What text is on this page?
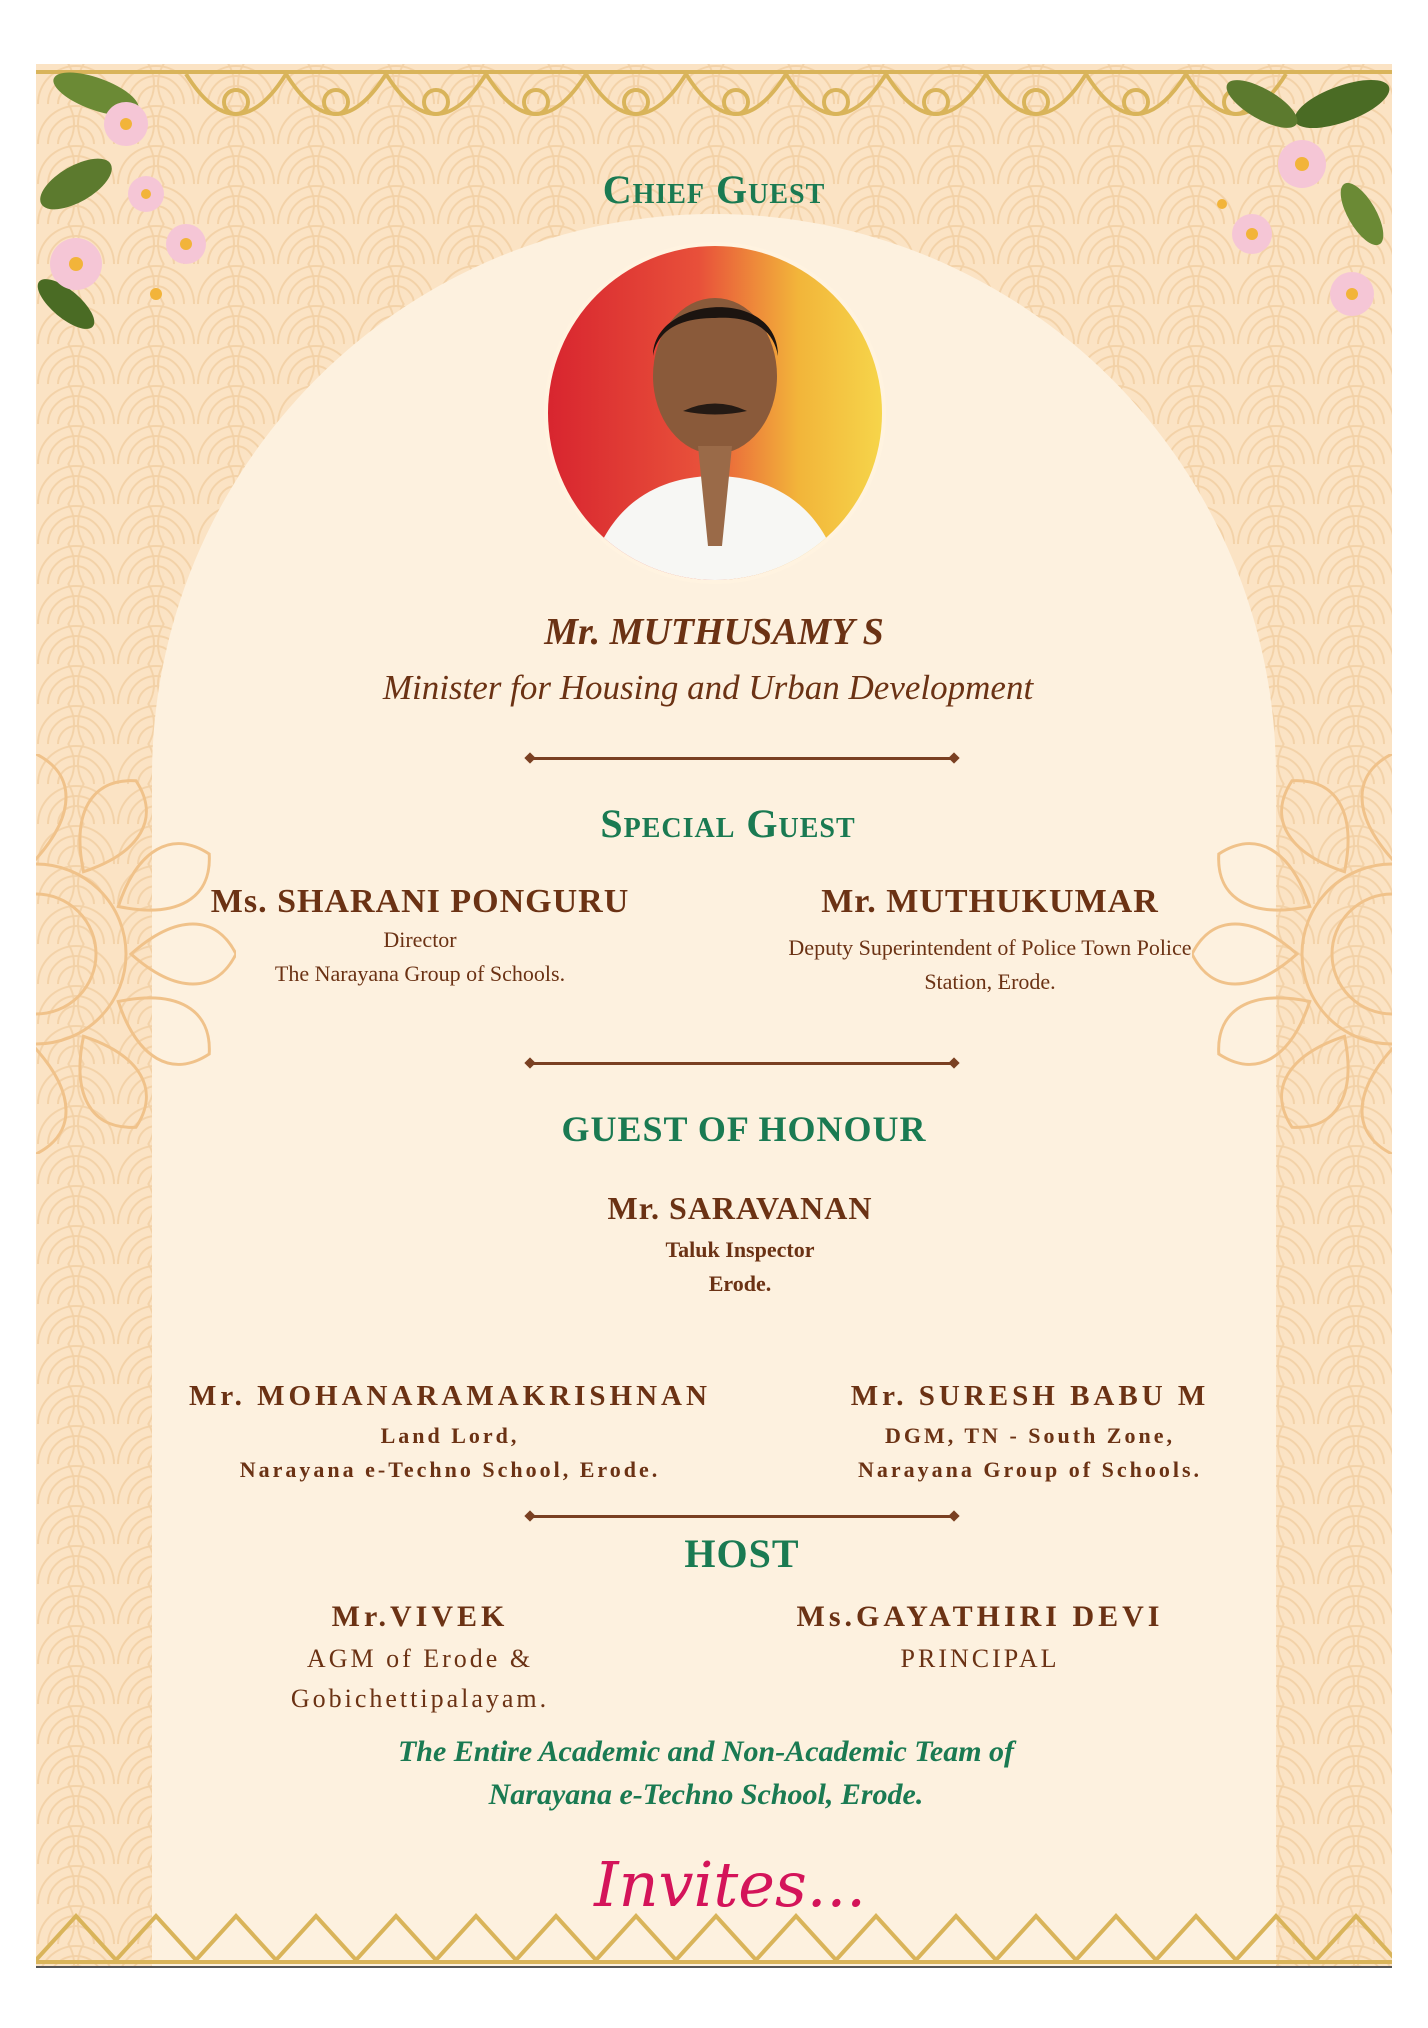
Chief Guest
Mr. MUTHUSAMY S
Minister for Housing and Urban Development
Special Guest
Ms. SHARANI PONGURU
Director
The Narayana Group of Schools.
Mr. MUTHUKUMAR
Deputy Superintendent of Police Town Police
Station, Erode.
GUEST OF HONOUR
Mr. SARAVANAN
Taluk Inspector
Erode.
Mr. MOHANARAMAKRISHNAN
Land Lord,
Narayana e-Techno School, Erode.
Mr. SURESH BABU M
DGM, TN - South Zone,
Narayana Group of Schools.
HOST
Mr.VIVEK
AGM of Erode &
Gobichettipalayam.
Ms.GAYATHIRI DEVI
PRINCIPAL
The Entire Academic and Non-Academic Team of
Narayana e-Techno School, Erode.
Invites...
